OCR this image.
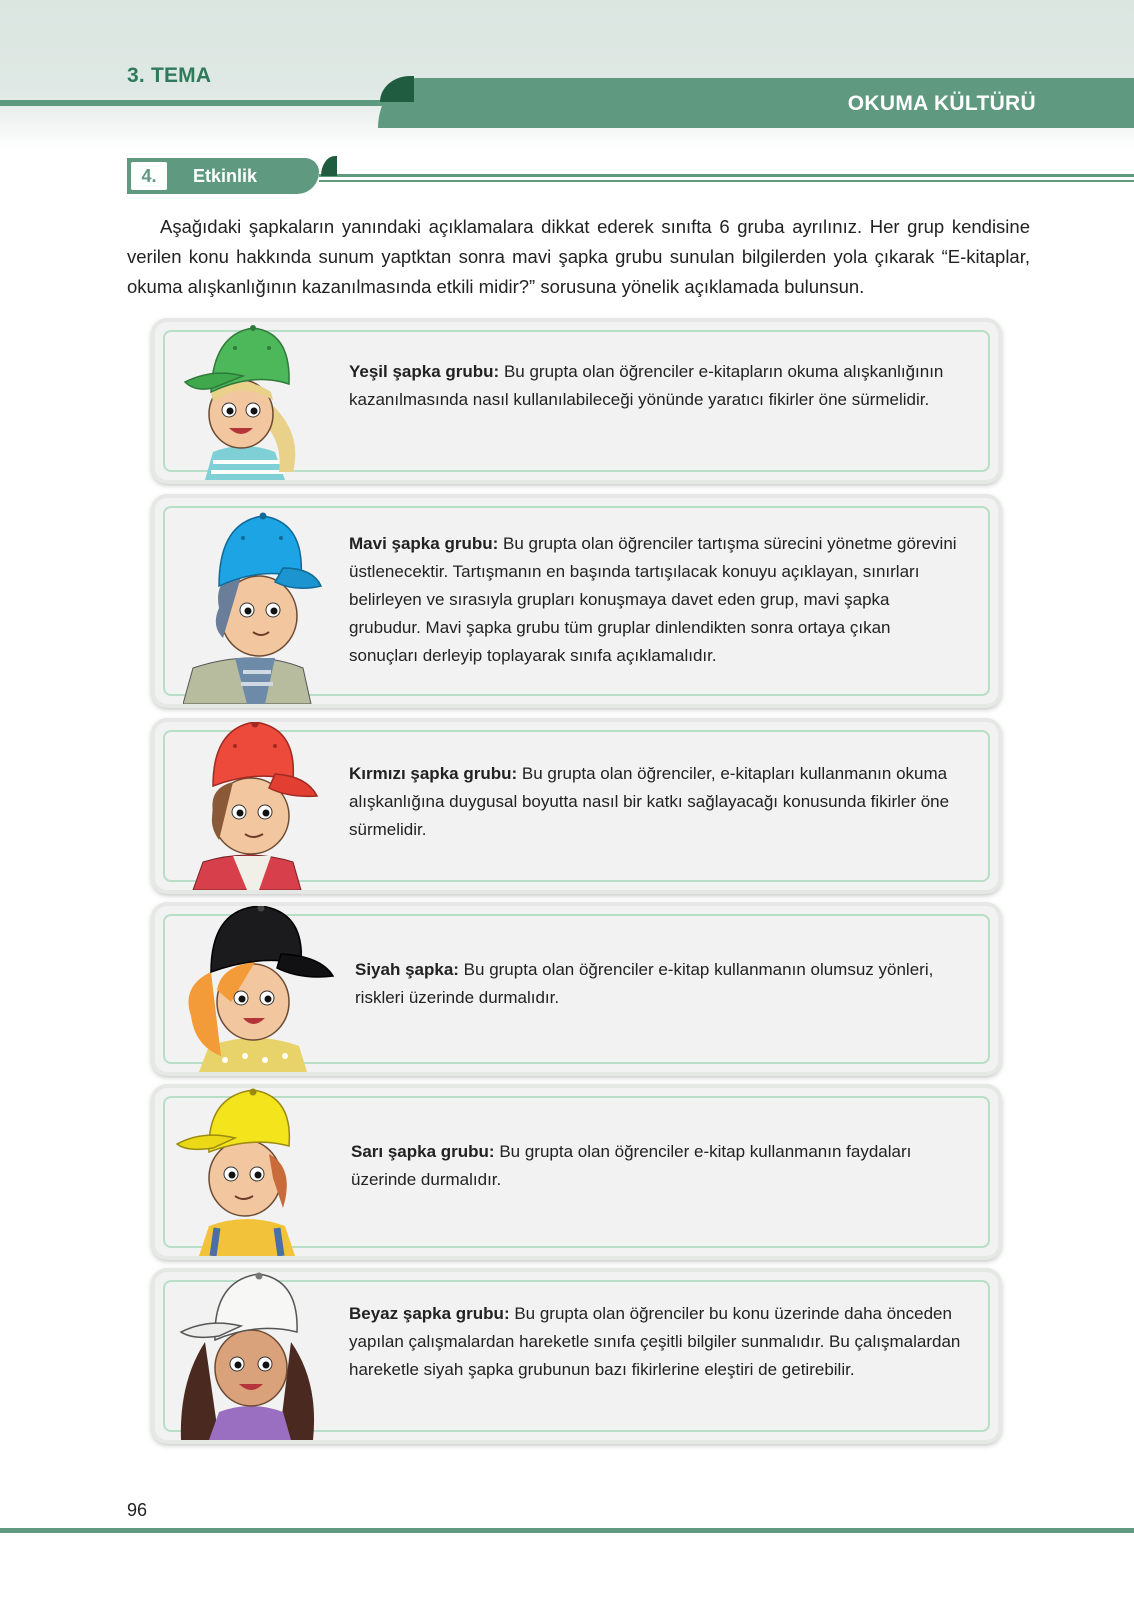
3. TEMA
OKUMA KÜLTÜRÜ
4.	Etkinlik
Aşağıdaki şapkaların yanındaki açıklamalara dikkat ederek sınıfta 6 gruba ayrılınız. Her grup kendisine verilen konu hakkında sunum yaptktan sonra mavi şapka grubu sunulan bilgilerden yola çıkarak “E-kitaplar, okuma alışkanlığının kazanılmasında etkili midir?” sorusuna yönelik açıklamada bulunsun.
Yeşil şapka grubu: Bu grupta olan öğrenciler e-kitapların okuma alışkanlığının kazanılmasında nasıl kullanılabileceği yönünde yaratıcı fikirler öne sürmelidir.
Mavi şapka grubu: Bu grupta olan öğrenciler tartışma sürecini yönetme görevini üstlenecektir. Tartışmanın en başında tartışılacak konuyu açıklayan, sınırları belirleyen ve sırasıyla grupları konuşmaya davet eden grup, mavi şapka grubudur. Mavi şapka grubu tüm gruplar dinlendikten sonra ortaya çıkan sonuçları derleyip toplayarak sınıfa açıklamalıdır.
Kırmızı şapka grubu: Bu grupta olan öğrenciler, e-kitapları kullanmanın okuma alışkanlığına duygusal boyutta nasıl bir katkı sağlayacağı konusunda fikirler öne sürmelidir.
Siyah şapka: Bu grupta olan öğrenciler e-kitap kullanmanın olumsuz yönleri, riskleri üzerinde durmalıdır.
Sarı şapka grubu: Bu grupta olan öğrenciler e-kitap kullanmanın faydaları üzerinde durmalıdır.
Beyaz şapka grubu: Bu grupta olan öğrenciler bu konu üzerinde daha önceden yapılan çalışmalardan hareketle sınıfa çeşitli bilgiler sunmalıdır. Bu çalışmalardan hareketle siyah şapka grubunun bazı fikirlerine eleştiri de getirebilir.
96
